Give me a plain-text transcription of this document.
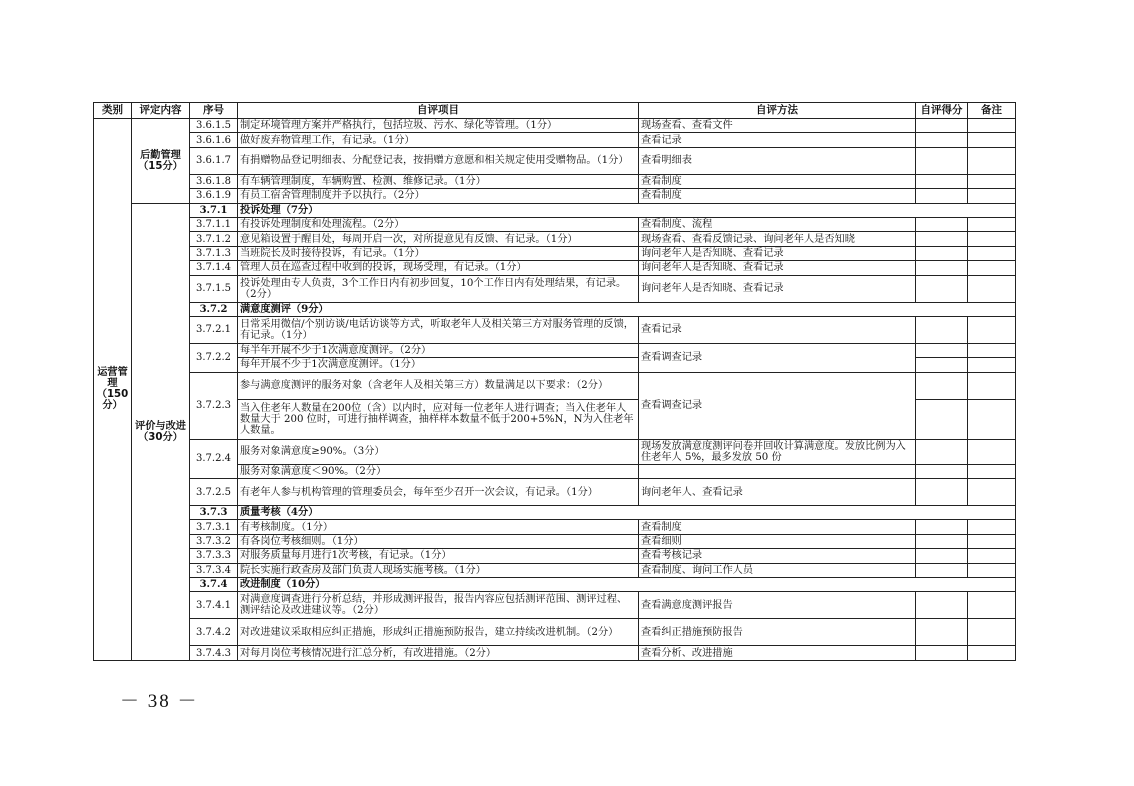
类别	评定内容	序号	自评项目	自评方法	自评得分	备注
运营管理（150分）	后勤管理（15分）	3.6.1.5	制定环境管理方案并严格执行，包括垃圾、污水、绿化等管理。（1分）	现场查看、查看文件		
		3.6.1.6	做好废弃物管理工作，有记录。（1分）	查看记录		
		3.6.1.7	有捐赠物品登记明细表、分配登记表，按捐赠方意愿和相关规定使用受赠物品。（1分）	查看明细表		
		3.6.1.8	有车辆管理制度，车辆购置、检测、维修记录。（1分）	查看制度		
		3.6.1.9	有员工宿舍管理制度并予以执行。（2分）	查看制度		
	评价与改进（30分）	3.7.1	投诉处理（7分）			
		3.7.1.1	有投诉处理制度和处理流程。（2分）	查看制度、流程		
		3.7.1.2	意见箱设置于醒目处，每周开启一次，对所提意见有反馈、有记录。（1分）	现场查看、查看反馈记录、询问老年人是否知晓		
		3.7.1.3	当班院长及时接待投诉，有记录。（1分）	询问老年人是否知晓、查看记录		
		3.7.1.4	管理人员在巡查过程中收到的投诉，现场受理，有记录。（1分）	询问老年人是否知晓、查看记录		
		3.7.1.5	投诉处理由专人负责，3个工作日内有初步回复，10个工作日内有处理结果，有记录。（2分）	询问老年人是否知晓、查看记录		
		3.7.2	满意度测评（9分）			
		3.7.2.1	日常采用微信/个别访谈/电话访谈等方式，听取老年人及相关第三方对服务管理的反馈，有记录。（1分）	查看记录		
		3.7.2.2	每半年开展不少于1次满意度测评。（2分）	查看调查记录		
			每年开展不少于1次满意度测评。（1分）			
		3.7.2.3	参与满意度测评的服务对象（含老年人及相关第三方）数量满足以下要求：（2分）	查看调查记录		
			当入住老年人数量在200位（含）以内时，应对每一位老年人进行调查；当入住老年人数量大于 200 位时，可进行抽样调查，抽样样本数量不低于200+5%N，N为入住老年人数量。			
		3.7.2.4	服务对象满意度≥90%。（3分）	现场发放满意度测评问卷并回收计算满意度。发放比例为入住老年人 5%，最多发放 50 份		
			服务对象满意度＜90%。（2分）			
		3.7.2.5	有老年人参与机构管理的管理委员会，每年至少召开一次会议，有记录。（1分）	询问老年人、查看记录		
		3.7.3	质量考核（4分）			
		3.7.3.1	有考核制度。（1分）	查看制度		
		3.7.3.2	有各岗位考核细则。（1分）	查看细则		
		3.7.3.3	对服务质量每月进行1次考核，有记录。（1分）	查看考核记录		
		3.7.3.4	院长实施行政查房及部门负责人现场实施考核。（1分）	查看制度、询问工作人员		
		3.7.4	改进制度（10分）			
		3.7.4.1	对满意度调查进行分析总结，并形成测评报告，报告内容应包括测评范围、测评过程、测评结论及改进建议等。（2分）	查看满意度测评报告		
		3.7.4.2	对改进建议采取相应纠正措施，形成纠正措施预防报告，建立持续改进机制。（2分）	查看纠正措施预防报告		
		3.7.4.3	对每月岗位考核情况进行汇总分析，有改进措施。（2分）	查看分析、改进措施		
－ 38 －
